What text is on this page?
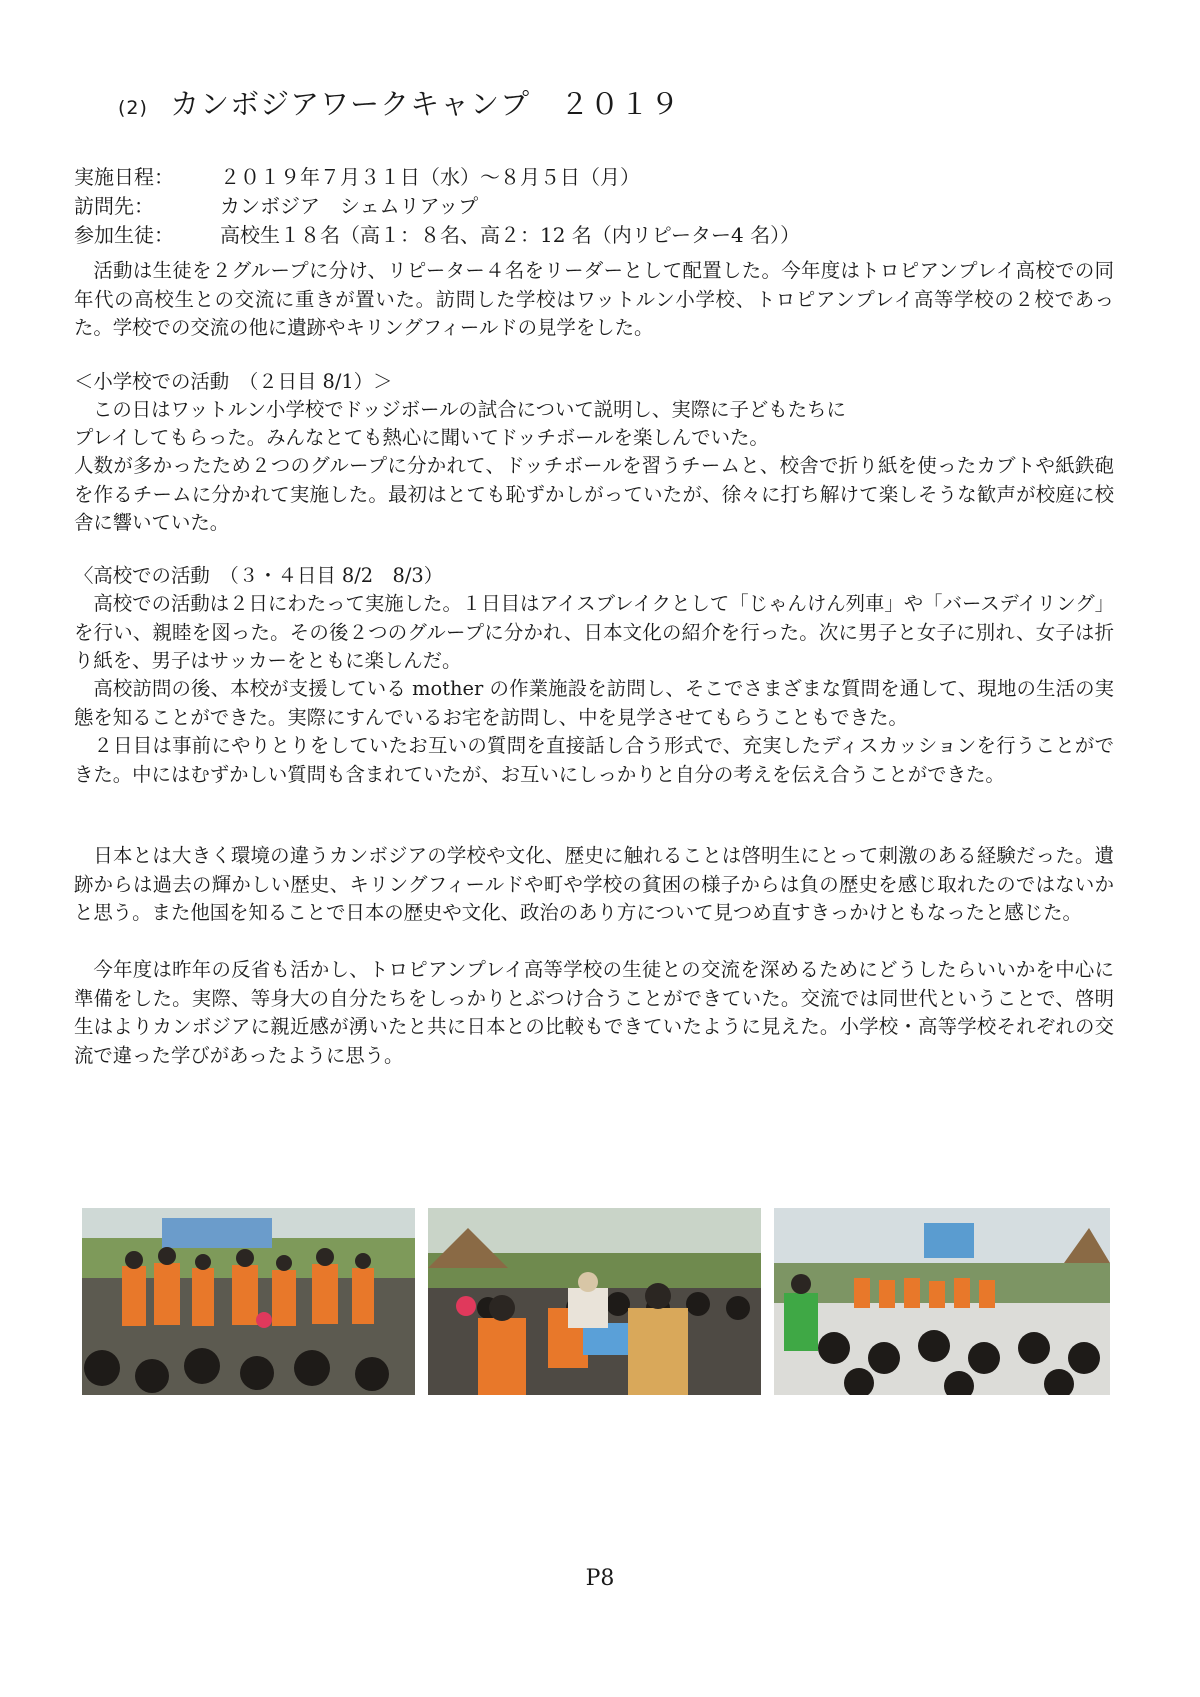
(2) カンボジアワークキャンプ　２０１９
実施日程： ２０１９年７月３１日（水）～８月５日（月）
訪問先：	カンボジア　シェムリアップ
参加生徒： 高校生１８名（高１：８名、高２：12 名（内リピーター4 名））

活動は生徒を２グループに分け、リピーター４名をリーダーとして配置した。今年度はトロピアンプレイ高校での同年代の高校生との交流に重きが置いた。訪問した学校はワットルン小学校、トロピアンプレイ高等学校の２校であった。学校での交流の他に遺跡やキリングフィールドの見学をした。

＜小学校での活動　（２日目 8/1）＞
この日はワットルン小学校でドッジボールの試合について説明し、実際に子どもたちに
プレイしてもらった。みんなとても熱心に聞いてドッチボールを楽しんでいた。

人数が多かったため２つのグループに分かれて、ドッチボールを習うチームと、校舎で折り紙を使ったカブトや紙鉄砲を作るチームに分かれて実施した。最初はとても恥ずかしがっていたが、徐々に打ち解けて楽しそうな歓声が校庭に校舎に響いていた。

〈高校での活動　（３・４日目 8/2　8/3）

高校での活動は２日にわたって実施した。１日目はアイスブレイクとして「じゃんけん列車」や「バースデイリング」を行い、親睦を図った。その後２つのグループに分かれ、日本文化の紹介を行った。次に男子と女子に別れ、女子は折り紙を、男子はサッカーをともに楽しんだ。

高校訪問の後、本校が支援している mother の作業施設を訪問し、そこでさまざまな質問を通して、現地の生活の実態を知ることができた。実際にすんでいるお宅を訪問し、中を見学させてもらうこともできた。

２日目は事前にやりとりをしていたお互いの質問を直接話し合う形式で、充実したディスカッションを行うことができた。中にはむずかしい質問も含まれていたが、お互いにしっかりと自分の考えを伝え合うことができた。

日本とは大きく環境の違うカンボジアの学校や文化、歴史に触れることは啓明生にとって刺激のある経験だった。遺跡からは過去の輝かしい歴史、キリングフィールドや町や学校の貧困の様子からは負の歴史を感じ取れたのではないかと思う。また他国を知ることで日本の歴史や文化、政治のあり方について見つめ直すきっかけともなったと感じた。

今年度は昨年の反省も活かし、トロピアンプレイ高等学校の生徒との交流を深めるためにどうしたらいいかを中心に準備をした。実際、等身大の自分たちをしっかりとぶつけ合うことができていた。交流では同世代ということで、啓明生はよりカンボジアに親近感が湧いたと共に日本との比較もできていたように見えた。小学校・高等学校それぞれの交流で違った学びがあったように思う。

P8
